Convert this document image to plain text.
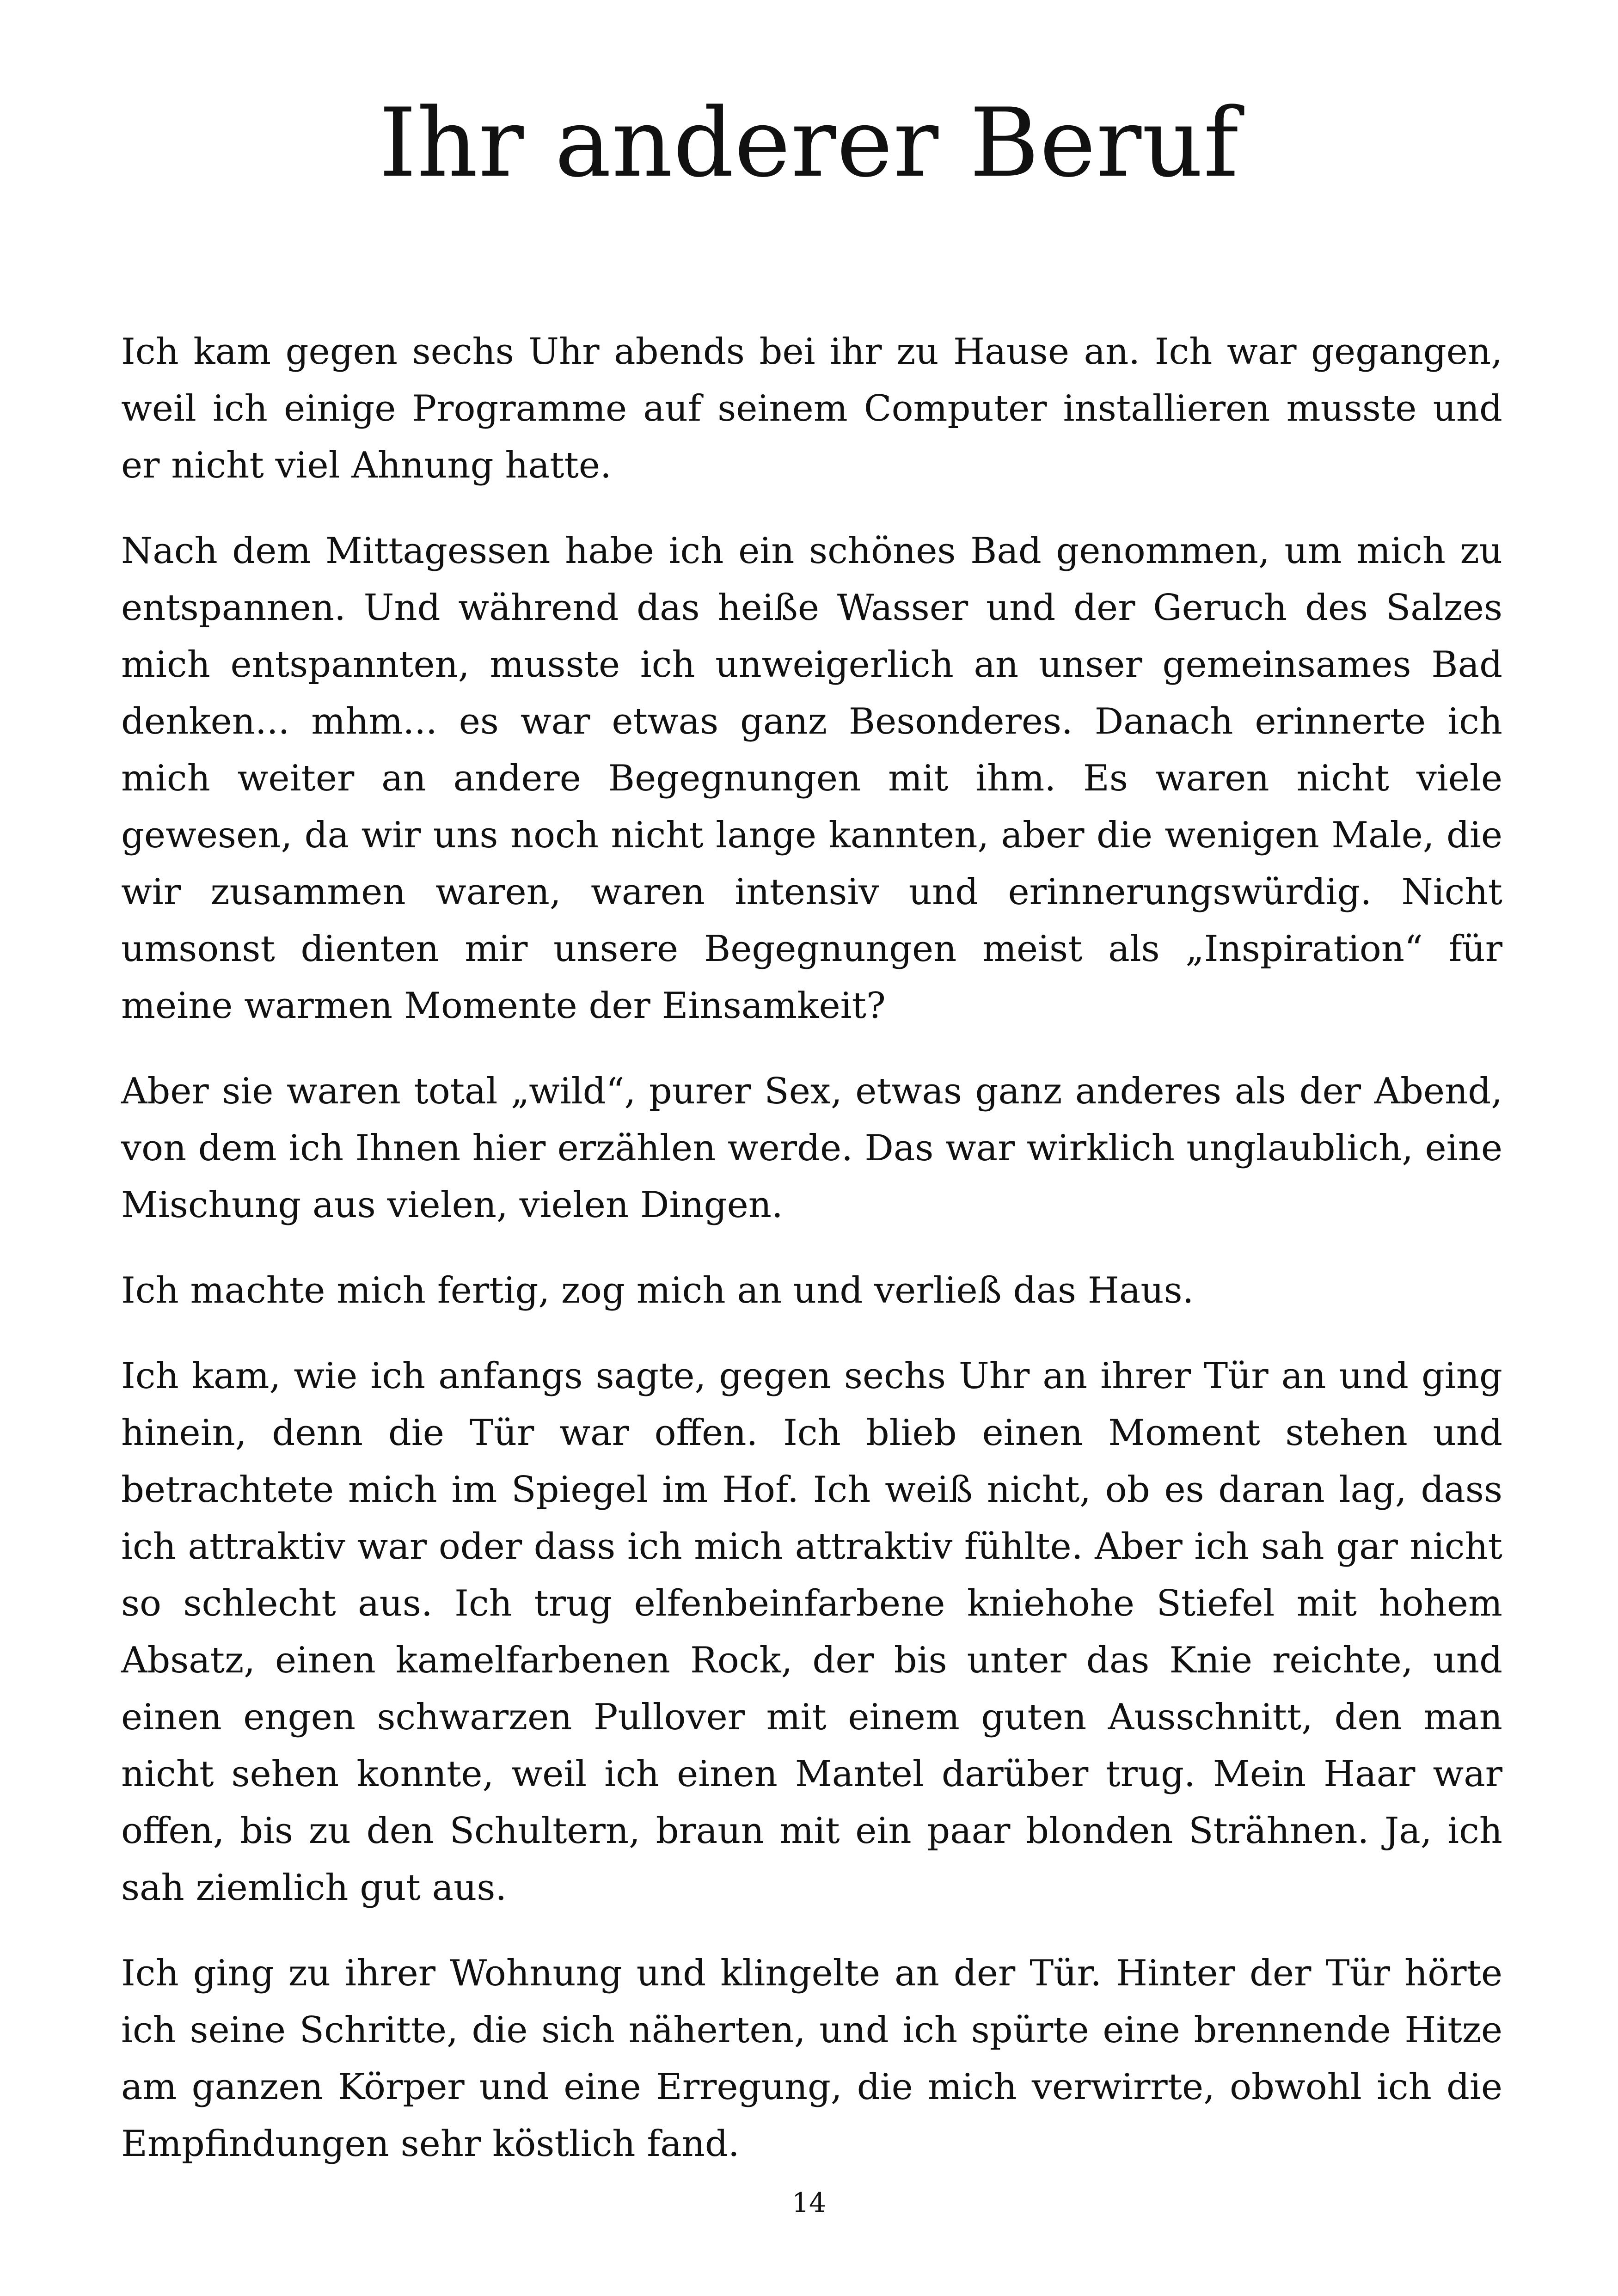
Ihr anderer Beruf

Ich kam gegen sechs Uhr abends bei ihr zu Hause an. Ich war gegangen, weil ich einige Programme auf seinem Computer installieren musste und er nicht viel Ahnung hatte.

Nach dem Mittagessen habe ich ein schönes Bad genommen, um mich zu entspannen. Und während das heiße Wasser und der Geruch des Salzes mich entspannten, musste ich unweigerlich an unser gemeinsames Bad denken... mhm... es war etwas ganz Besonderes. Danach erinnerte ich mich weiter an andere Begegnungen mit ihm. Es waren nicht viele gewesen, da wir uns noch nicht lange kannten, aber die wenigen Male, die wir zusammen waren, waren intensiv und erinnerungswürdig. Nicht umsonst dienten mir unsere Begegnungen meist als „Inspiration“ für meine warmen Momente der Einsamkeit?

Aber sie waren total „wild“, purer Sex, etwas ganz anderes als der Abend, von dem ich Ihnen hier erzählen werde. Das war wirklich unglaublich, eine Mischung aus vielen, vielen Dingen.

Ich machte mich fertig, zog mich an und verließ das Haus.

Ich kam, wie ich anfangs sagte, gegen sechs Uhr an ihrer Tür an und ging hinein, denn die Tür war offen. Ich blieb einen Moment stehen und betrachtete mich im Spiegel im Hof. Ich weiß nicht, ob es daran lag, dass ich attraktiv war oder dass ich mich attraktiv fühlte. Aber ich sah gar nicht so schlecht aus. Ich trug elfenbeinfarbene kniehohe Stiefel mit hohem Absatz, einen kamelfarbenen Rock, der bis unter das Knie reichte, und einen engen schwarzen Pullover mit einem guten Ausschnitt, den man nicht sehen konnte, weil ich einen Mantel darüber trug. Mein Haar war offen, bis zu den Schultern, braun mit ein paar blonden Strähnen. Ja, ich sah ziemlich gut aus.

Ich ging zu ihrer Wohnung und klingelte an der Tür. Hinter der Tür hörte ich seine Schritte, die sich näherten, und ich spürte eine brennende Hitze am ganzen Körper und eine Erregung, die mich verwirrte, obwohl ich die Empfindungen sehr köstlich fand.

14
